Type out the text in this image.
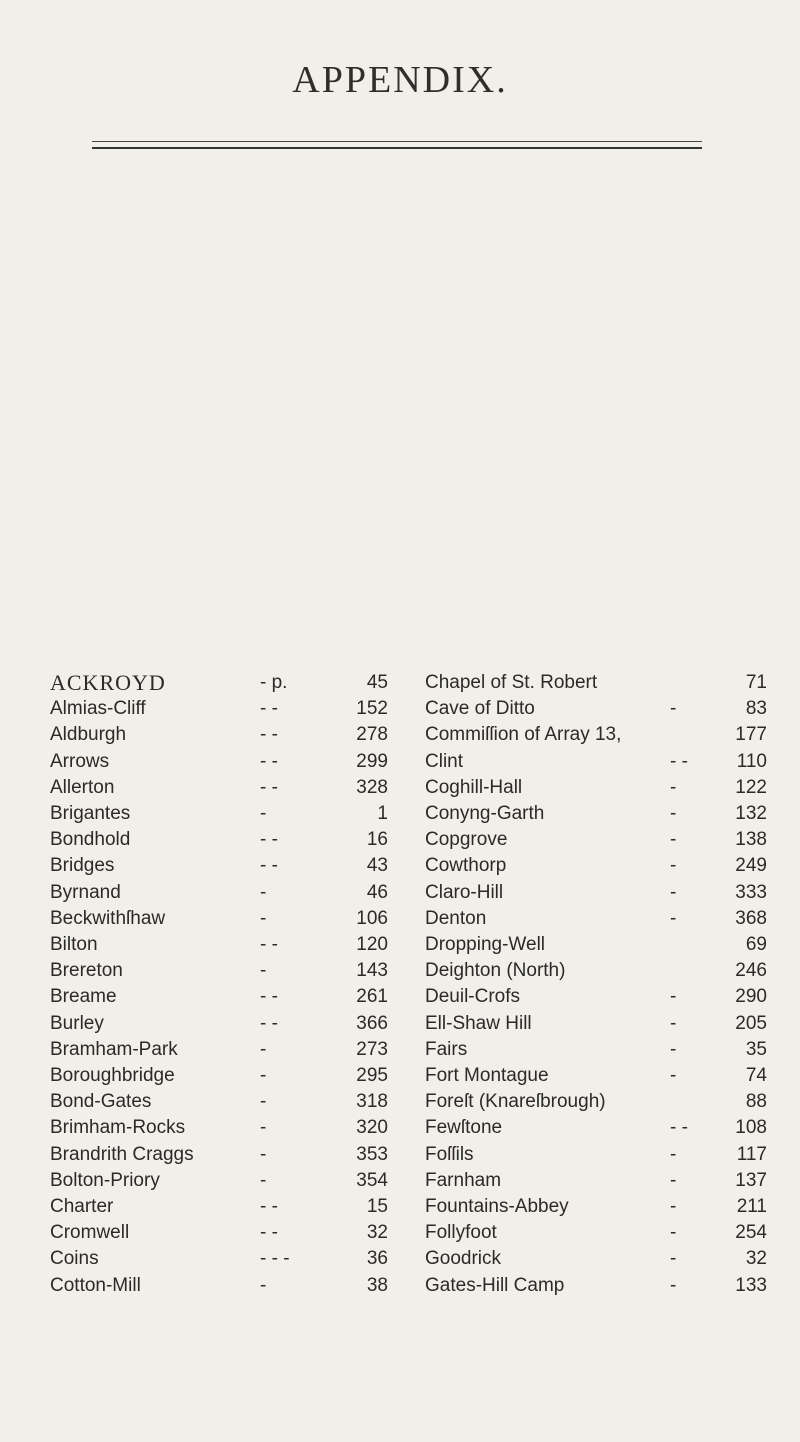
APPENDIX.
ACKROYD	- p.	45
Almias-Cliff	- -	152
Aldburgh	- -	278
Arrows	- -	299
Allerton	- -	328
Brigantes	-	1
Bondhold	- -	16
Bridges	- -	43
Byrnand	-	46
Beckwithſhaw	-	106
Bilton	- -	120
Brereton	-	143
Breame	- -	261
Burley	- -	366
Bramham-Park	-	273
Boroughbridge	-	295
Bond-Gates	-	318
Brimham-Rocks	-	320
Brandrith Craggs	-	353
Bolton-Priory	-	354
Charter	- -	15
Cromwell	- -	32
Coins	- - -	36
Cotton-Mill	-	38
Chapel of St. Robert	71
Cave of Ditto	-	83
Commiſſion of Array 13,	177
Clint	- -	110
Coghill-Hall	-	122
Conyng-Garth	-	132
Copgrove	-	138
Cowthorp	-	249
Claro-Hill	-	333
Denton	-	368
Dropping-Well	69
Deighton (North)	246
Deuil-Crofs	-	290
Ell-Shaw Hill	-	205
Fairs	-	35
Fort Montague	-	74
Foreſt (Knareſbrough)	88
Fewſtone	- -	108
Foſſils	-	117
Farnham	-	137
Fountains-Abbey	-	211
Follyfoot	-	254
Goodrick	-	32
Gates-Hill Camp	-	133
